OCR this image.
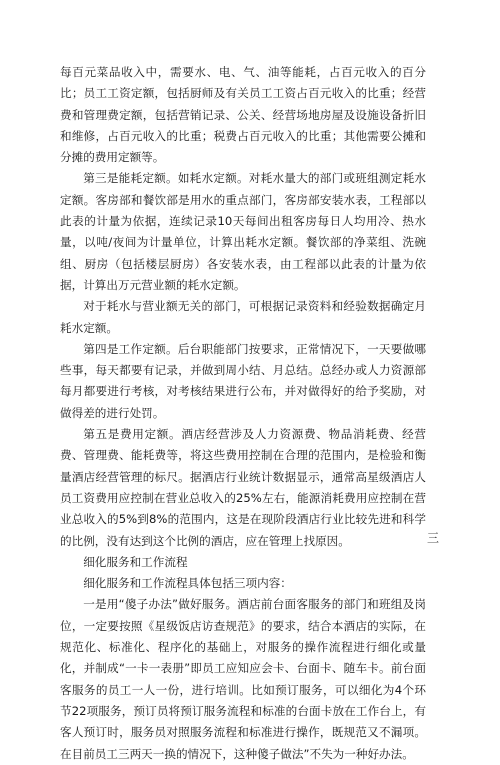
每百元菜品收入中，需要水、电、气、油等能耗，占百元收入的百分比；员工工资定额，包括厨师及有关员工工资占百元收入的比重；经营费和管理费定额，包括营销记录、公关、经营场地房屋及设施设备折旧和维修，占百元收入的比重；税费占百元收入的比重；其他需要公摊和分摊的费用定额等。

第三是能耗定额。如耗水定额。对耗水量大的部门或班组测定耗水定额。客房部和餐饮部是用水的重点部门，客房部安装水表，工程部以此表的计量为依据，连续记录10天每间出租客房每日人均用冷、热水量，以吨/夜间为计量单位，计算出耗水定额。餐饮部的净菜组、洗碗组、厨房（包括楼层厨房）各安装水表，由工程部以此表的计量为依据，计算出万元营业额的耗水定额。

对于耗水与营业额无关的部门，可根据记录资料和经验数据确定月耗水定额。

第四是工作定额。后台职能部门按要求，正常情况下，一天要做哪些事，每天都要有记录，并做到周小结、月总结。总经办或人力资源部每月都要进行考核，对考核结果进行公布，并对做得好的给予奖励，对做得差的进行处罚。

第五是费用定额。酒店经营涉及人力资源费、物品消耗费、经营费、管理费、能耗费等，将这些费用控制在合理的范围内，是检验和衡量酒店经营管理的标尺。据酒店行业统计数据显示，通常高星级酒店人员工资费用应控制在营业总收入的25%左右，能源消耗费用应控制在营业总收入的5%到8%的范围内，这是在现阶段酒店行业比较先进和科学的比例，没有达到这个比例的酒店，应在管理上找原因。

细化服务和工作流程

细化服务和工作流程具体包括三项内容：

一是用“傻子办法”做好服务。酒店前台面客服务的部门和班组及岗位，一定要按照《星级饭店访查规范》的要求，结合本酒店的实际，在规范化、标准化、程序化的基础上，对服务的操作流程进行细化或量化，并制成“一卡一表册”即员工应知应会卡、台面卡、随车卡。前台面客服务的员工一人一份，进行培训。比如预订服务，可以细化为4个环节22项服务，预订员将预订服务流程和标准的台面卡放在工作台上，有客人预订时，服务员对照服务流程和标准进行操作，既规范又不漏项。在目前员工三两天一换的情况下，这种傻子做法”不失为一种好办法。

三
